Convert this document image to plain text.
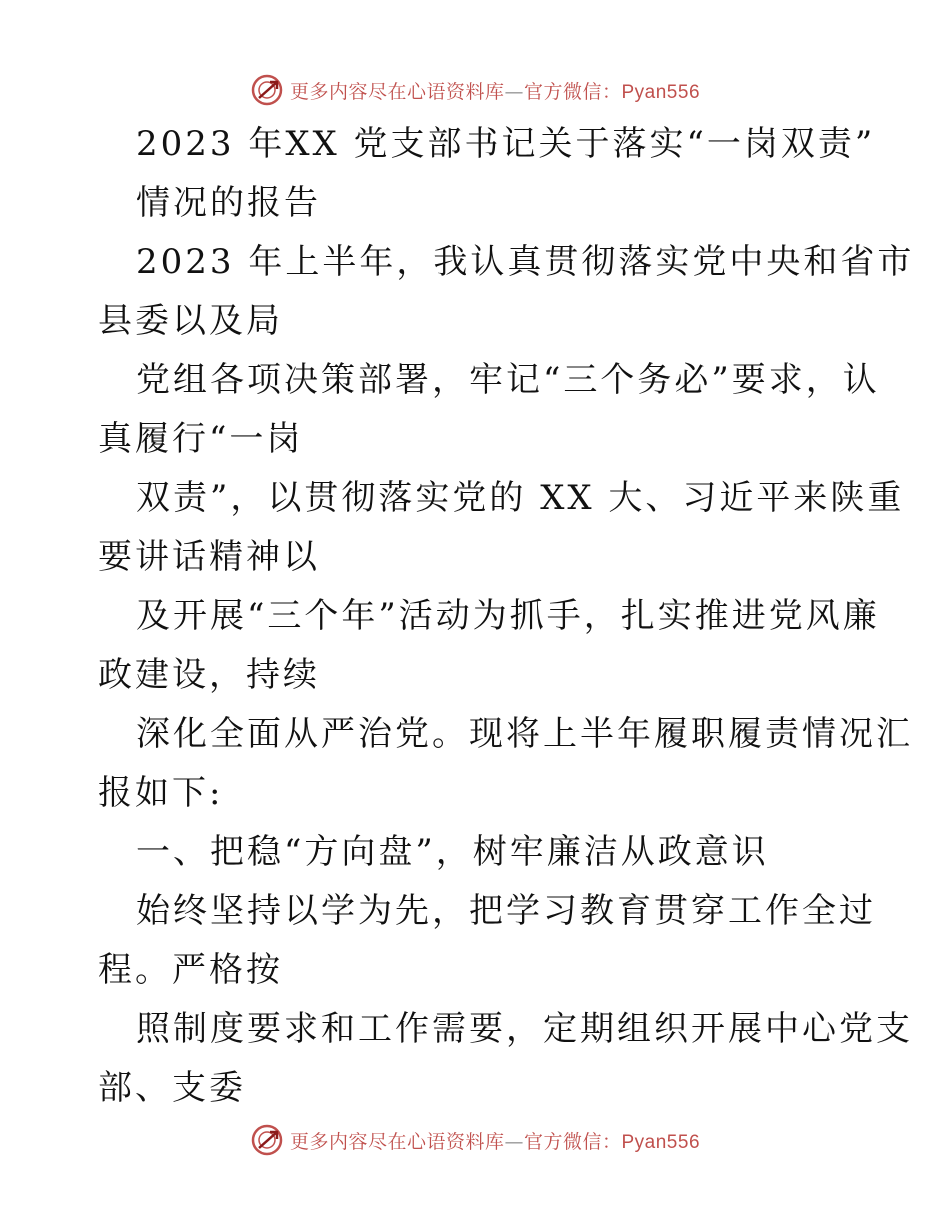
更多内容尽在心语资料库—官方微信：Pyan556
2023 年XX 党支部书记关于落实“一岗双责”
情况的报告
2023 年上半年，我认真贯彻落实党中央和省市
县委以及局
党组各项决策部署，牢记“三个务必”要求，认
真履行“一岗
双责”，以贯彻落实党的 XX 大、习近平来陕重
要讲话精神以
及开展“三个年”活动为抓手，扎实推进党风廉
政建设，持续
深化全面从严治党。现将上半年履职履责情况汇
报如下:
一、把稳“方向盘”，树牢廉洁从政意识
始终坚持以学为先，把学习教育贯穿工作全过
程。严格按
照制度要求和工作需要，定期组织开展中心党支
部、支委
更多内容尽在心语资料库—官方微信：Pyan556
